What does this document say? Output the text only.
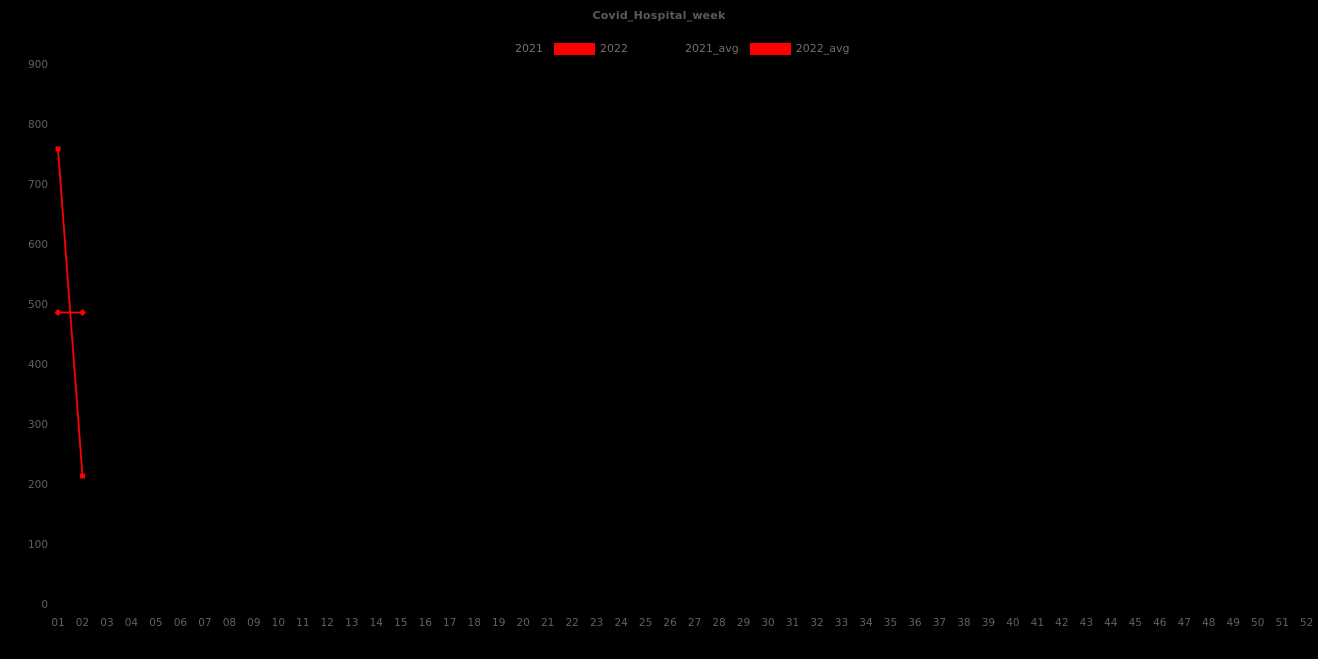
Covid_Hospital_week
2021	2022	2021_avg	2022_avg
0
100
200
300
400
500
600
700
800
900
01	02	03	04	05	06	07	08	09	10	11	12	13	14	15	16	17	18	19	20	21	22	23	24	25	26	27	28	29	30	31	32	33	34	35	36	37	38	39	40	41	42	43	44	45	46	47	48	49	50	51	52
